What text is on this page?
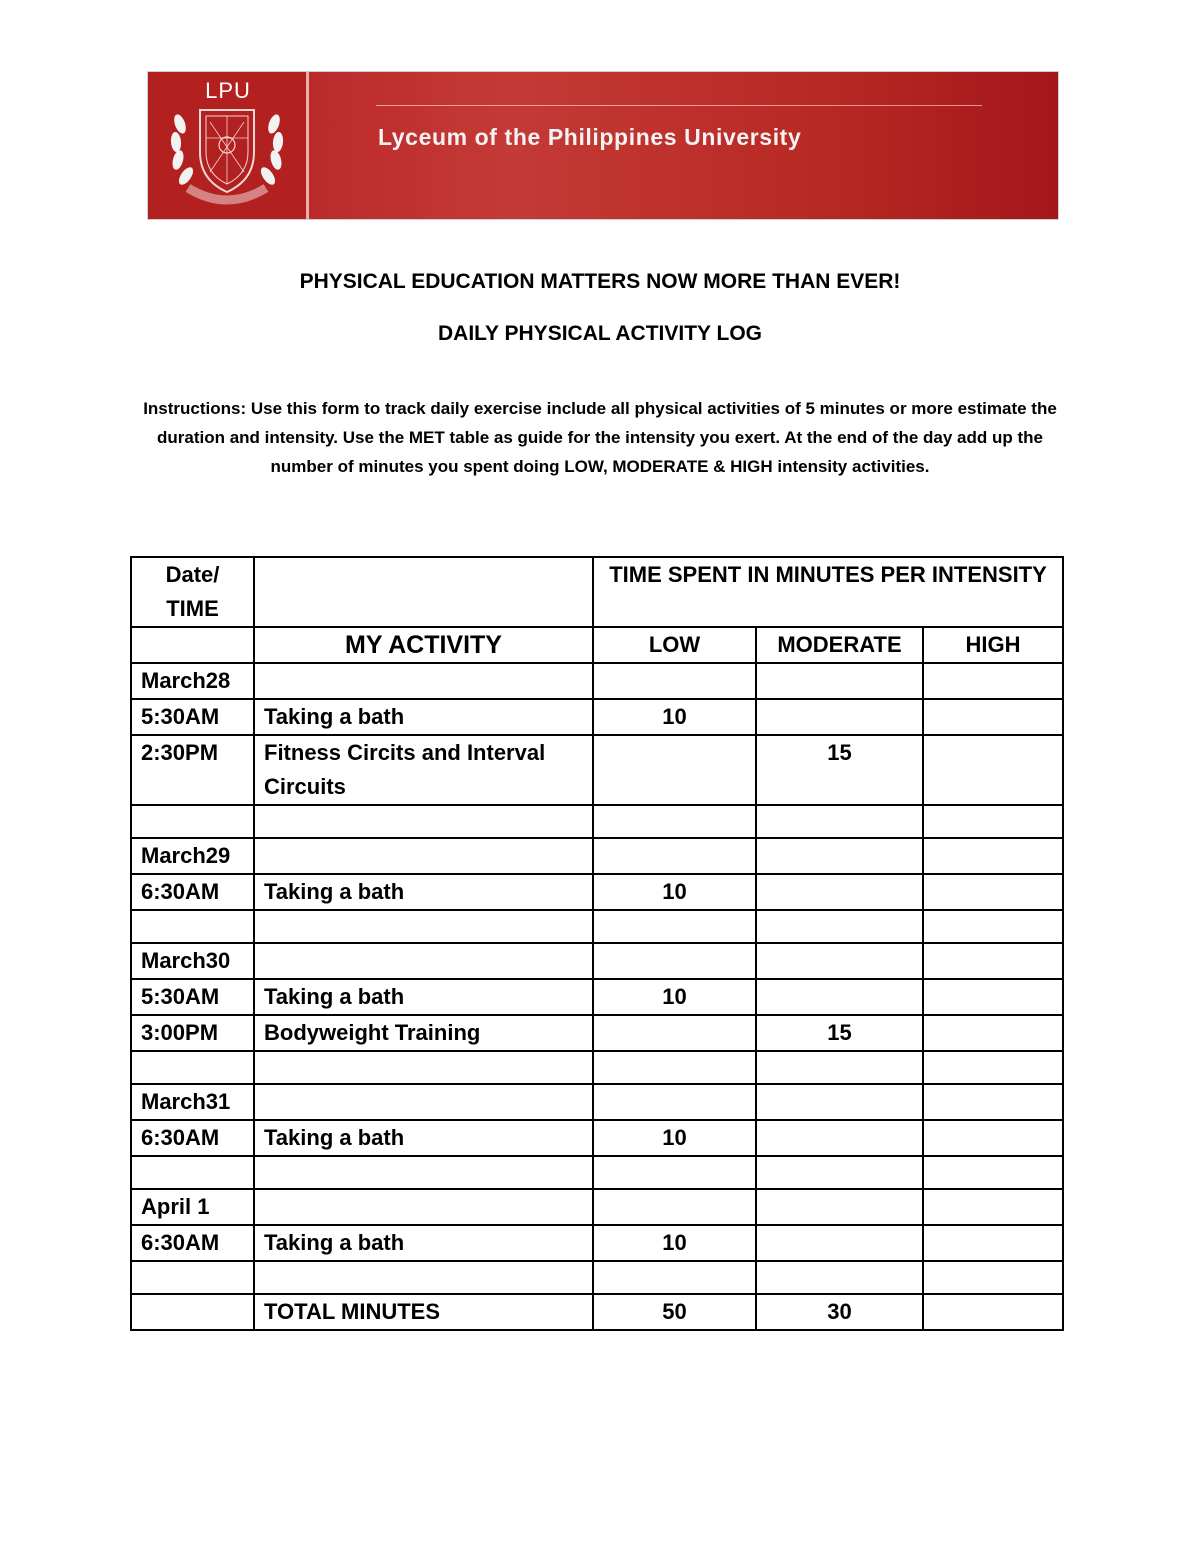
LPU
Lyceum of the Philippines University
PHYSICAL EDUCATION MATTERS NOW MORE THAN EVER!
DAILY PHYSICAL ACTIVITY LOG
Instructions: Use this form to track daily exercise include all physical activities of 5 minutes or more estimate the duration and intensity. Use the MET table as guide for the intensity you exert. At the end of the day add up the number of minutes you spent doing LOW, MODERATE & HIGH intensity activities.
Date/ TIME		TIME SPENT IN MINUTES PER INTENSITY		
	MY ACTIVITY	LOW	MODERATE	HIGH
March28				
5:30AM	Taking a bath	10		
2:30PM	Fitness Circits and Interval Circuits		15	

March29				
6:30AM	Taking a bath	10		

March30				
5:30AM	Taking a bath	10		
3:00PM	Bodyweight Training		15	

March31				
6:30AM	Taking a bath	10		

April 1				
6:30AM	Taking a bath	10		

	TOTAL MINUTES	50	30	
